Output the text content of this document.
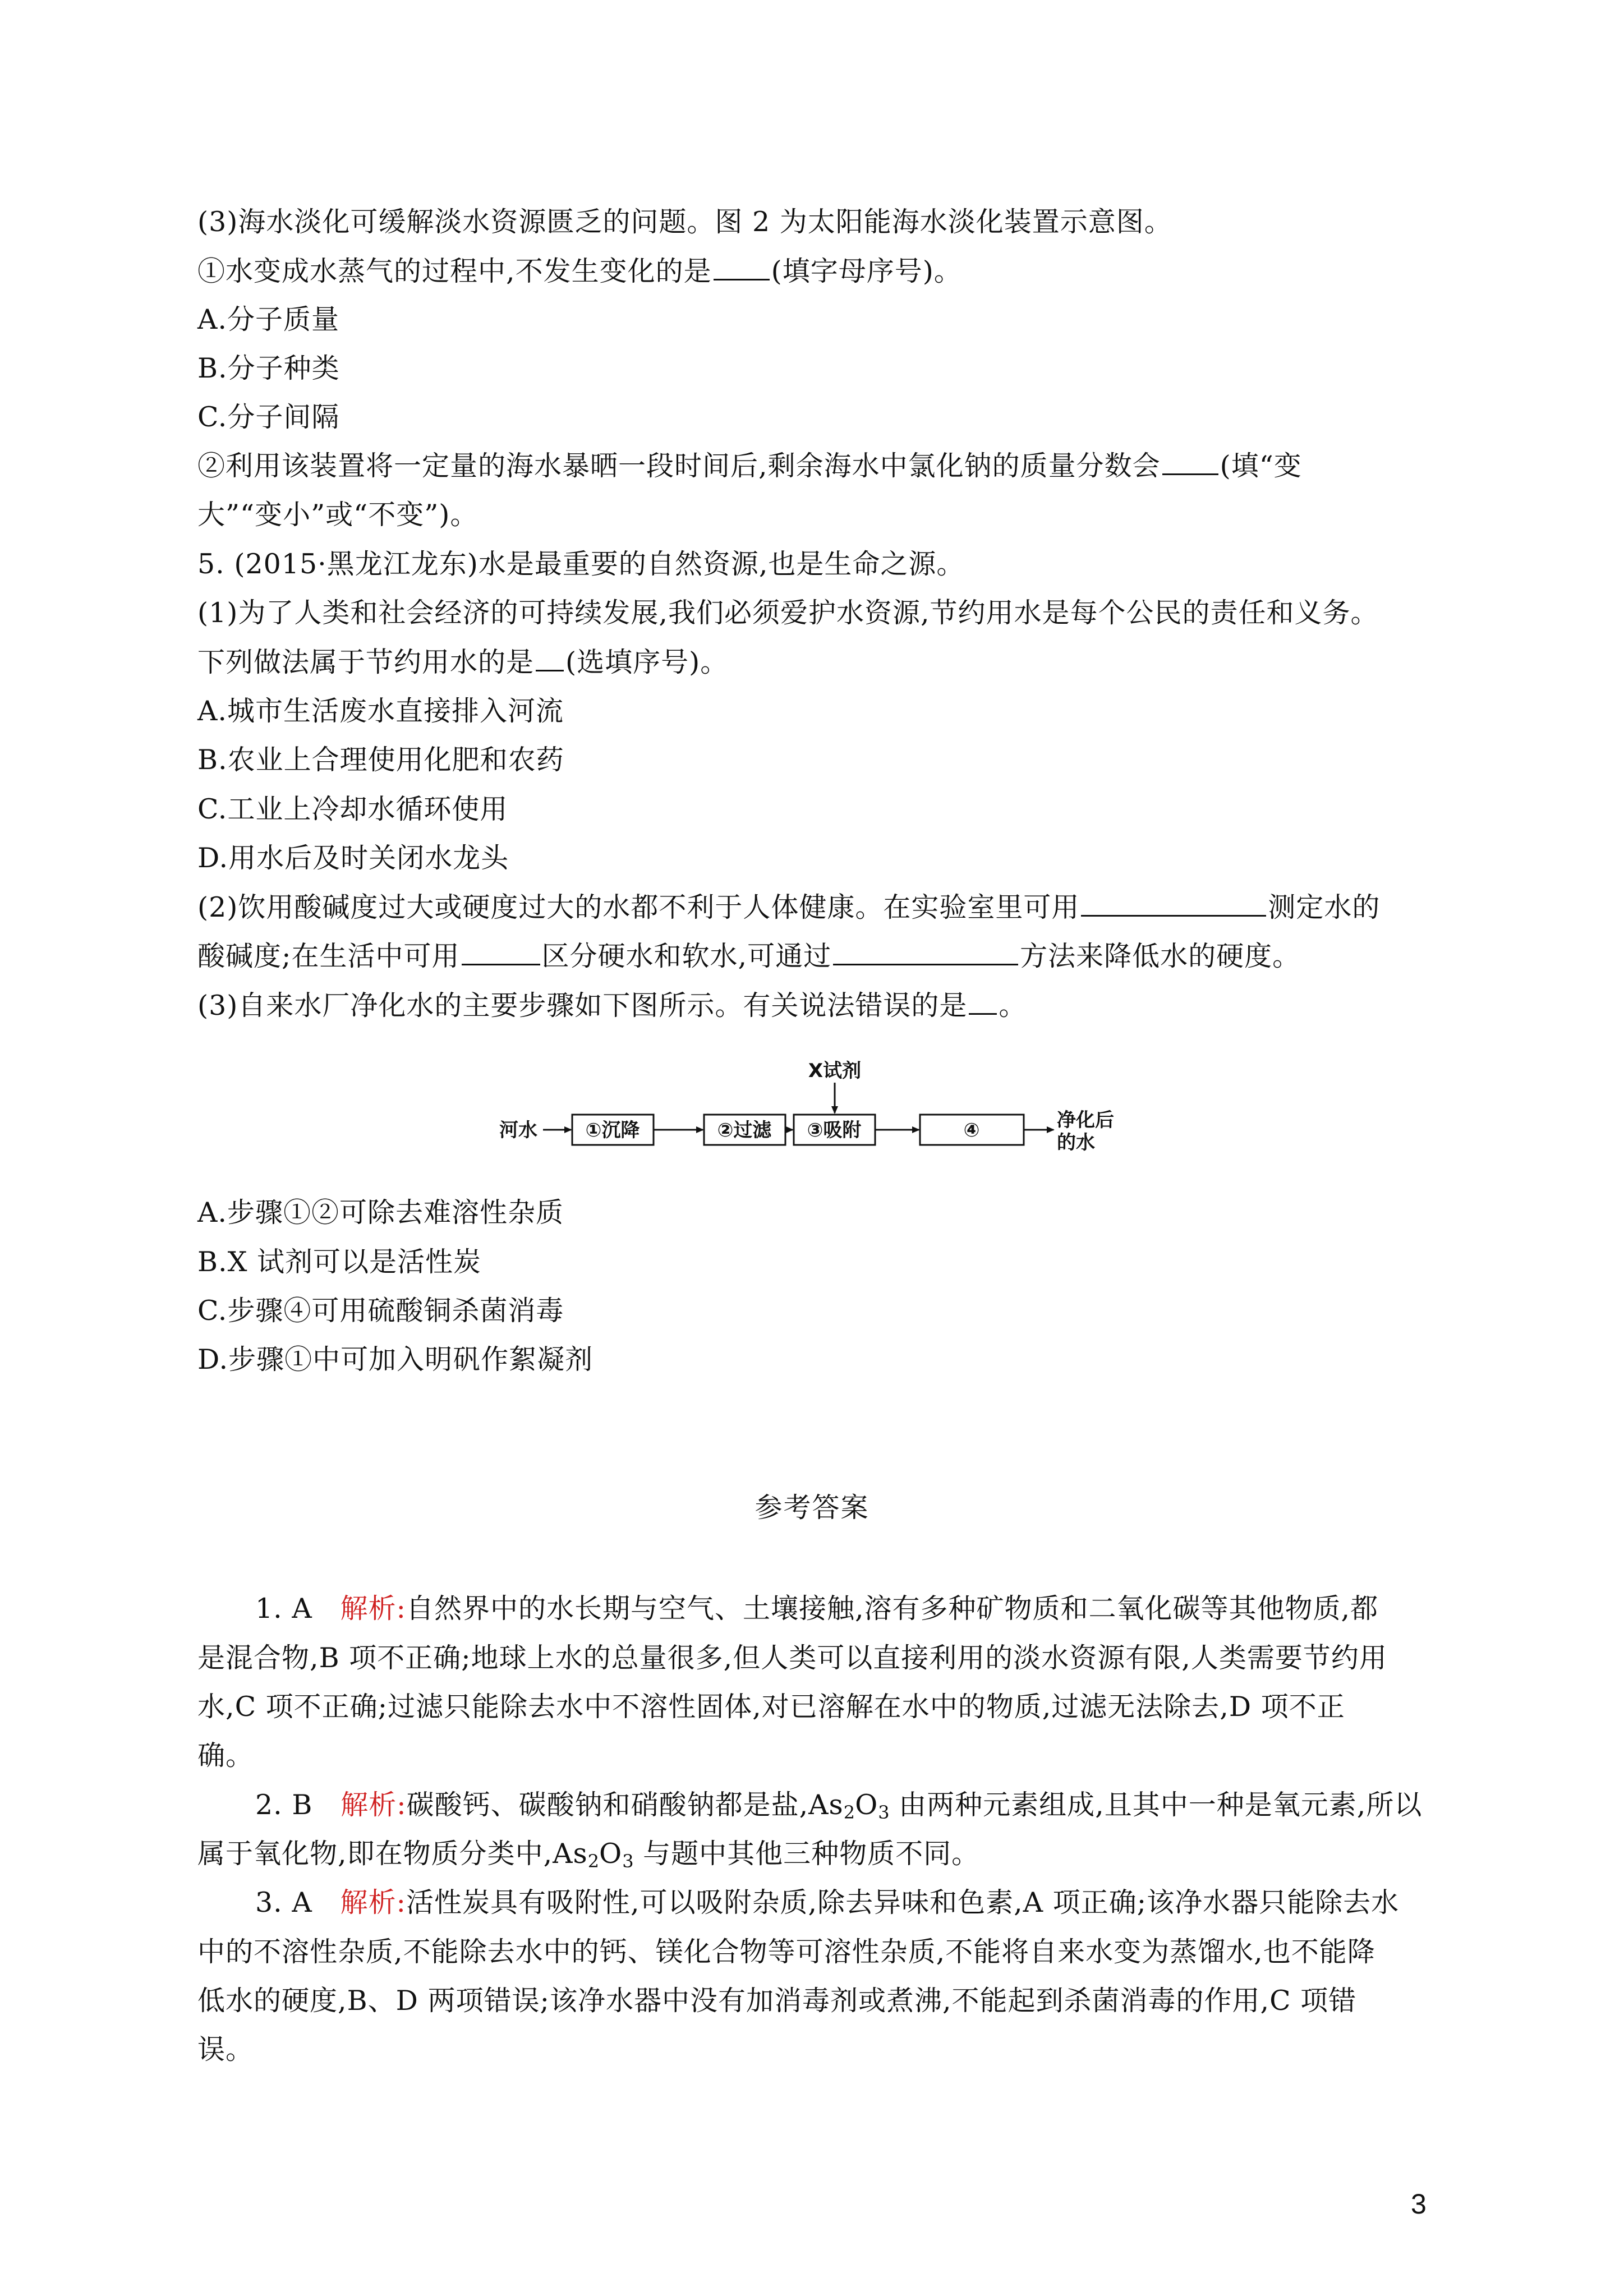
(3)海水淡化可缓解淡水资源匮乏的问题。图 2 为太阳能海水淡化装置示意图。
①水变成水蒸气的过程中,不发生变化的是 (填字母序号)。
A.分子质量
B.分子种类
C.分子间隔
②利用该装置将一定量的海水暴晒一段时间后,剩余海水中氯化钠的质量分数会 (填“变
大”“变小”或“不变”)。
5. (2015·黑龙江龙东)水是最重要的自然资源,也是生命之源。
(1)为了人类和社会经济的可持续发展,我们必须爱护水资源,节约用水是每个公民的责任和义务。
下列做法属于节约用水的是 (选填序号)。
A.城市生活废水直接排入河流
B.农业上合理使用化肥和农药
C.工业上冷却水循环使用
D.用水后及时关闭水龙头
(2)饮用酸碱度过大或硬度过大的水都不利于人体健康。在实验室里可用	测定水的
酸碱度;在生活中可用	区分硬水和软水,可通过	方法来降低水的硬度。
(3)自来水厂净化水的主要步骤如下图所示。有关说法错误的是 。
X试剂
河水	①沉降	②过滤 ③吸附	④	净化后
的水
A.步骤①②可除去难溶性杂质
B.X 试剂可以是活性炭
C.步骤④可用硫酸铜杀菌消毒
D.步骤①中可加入明矾作絮凝剂
参考答案
1. A 解析:自然界中的水长期与空气、土壤接触,溶有多种矿物质和二氧化碳等其他物质,都
是混合物,B 项不正确;地球上水的总量很多,但人类可以直接利用的淡水资源有限,人类需要节约用
水,C 项不正确;过滤只能除去水中不溶性固体,对已溶解在水中的物质,过滤无法除去,D 项不正
确。
2. B 解析:碳酸钙、碳酸钠和硝酸钠都是盐$,As_2O_3$ 由两种元素组成,且其中一种是氧元素,所以
属于氧化物,即在物质分类中$,As_2O_3$ 与题中其他三种物质不同。
3. A 解析:活性炭具有吸附性,可以吸附杂质,除去异味和色素,A 项正确;该净水器只能除去水
中的不溶性杂质,不能除去水中的钙、镁化合物等可溶性杂质,不能将自来水变为蒸馏水,也不能降
低水的硬度,B、D 两项错误;该净水器中没有加消毒剂或煮沸,不能起到杀菌消毒的作用,C 项错
误。
3
